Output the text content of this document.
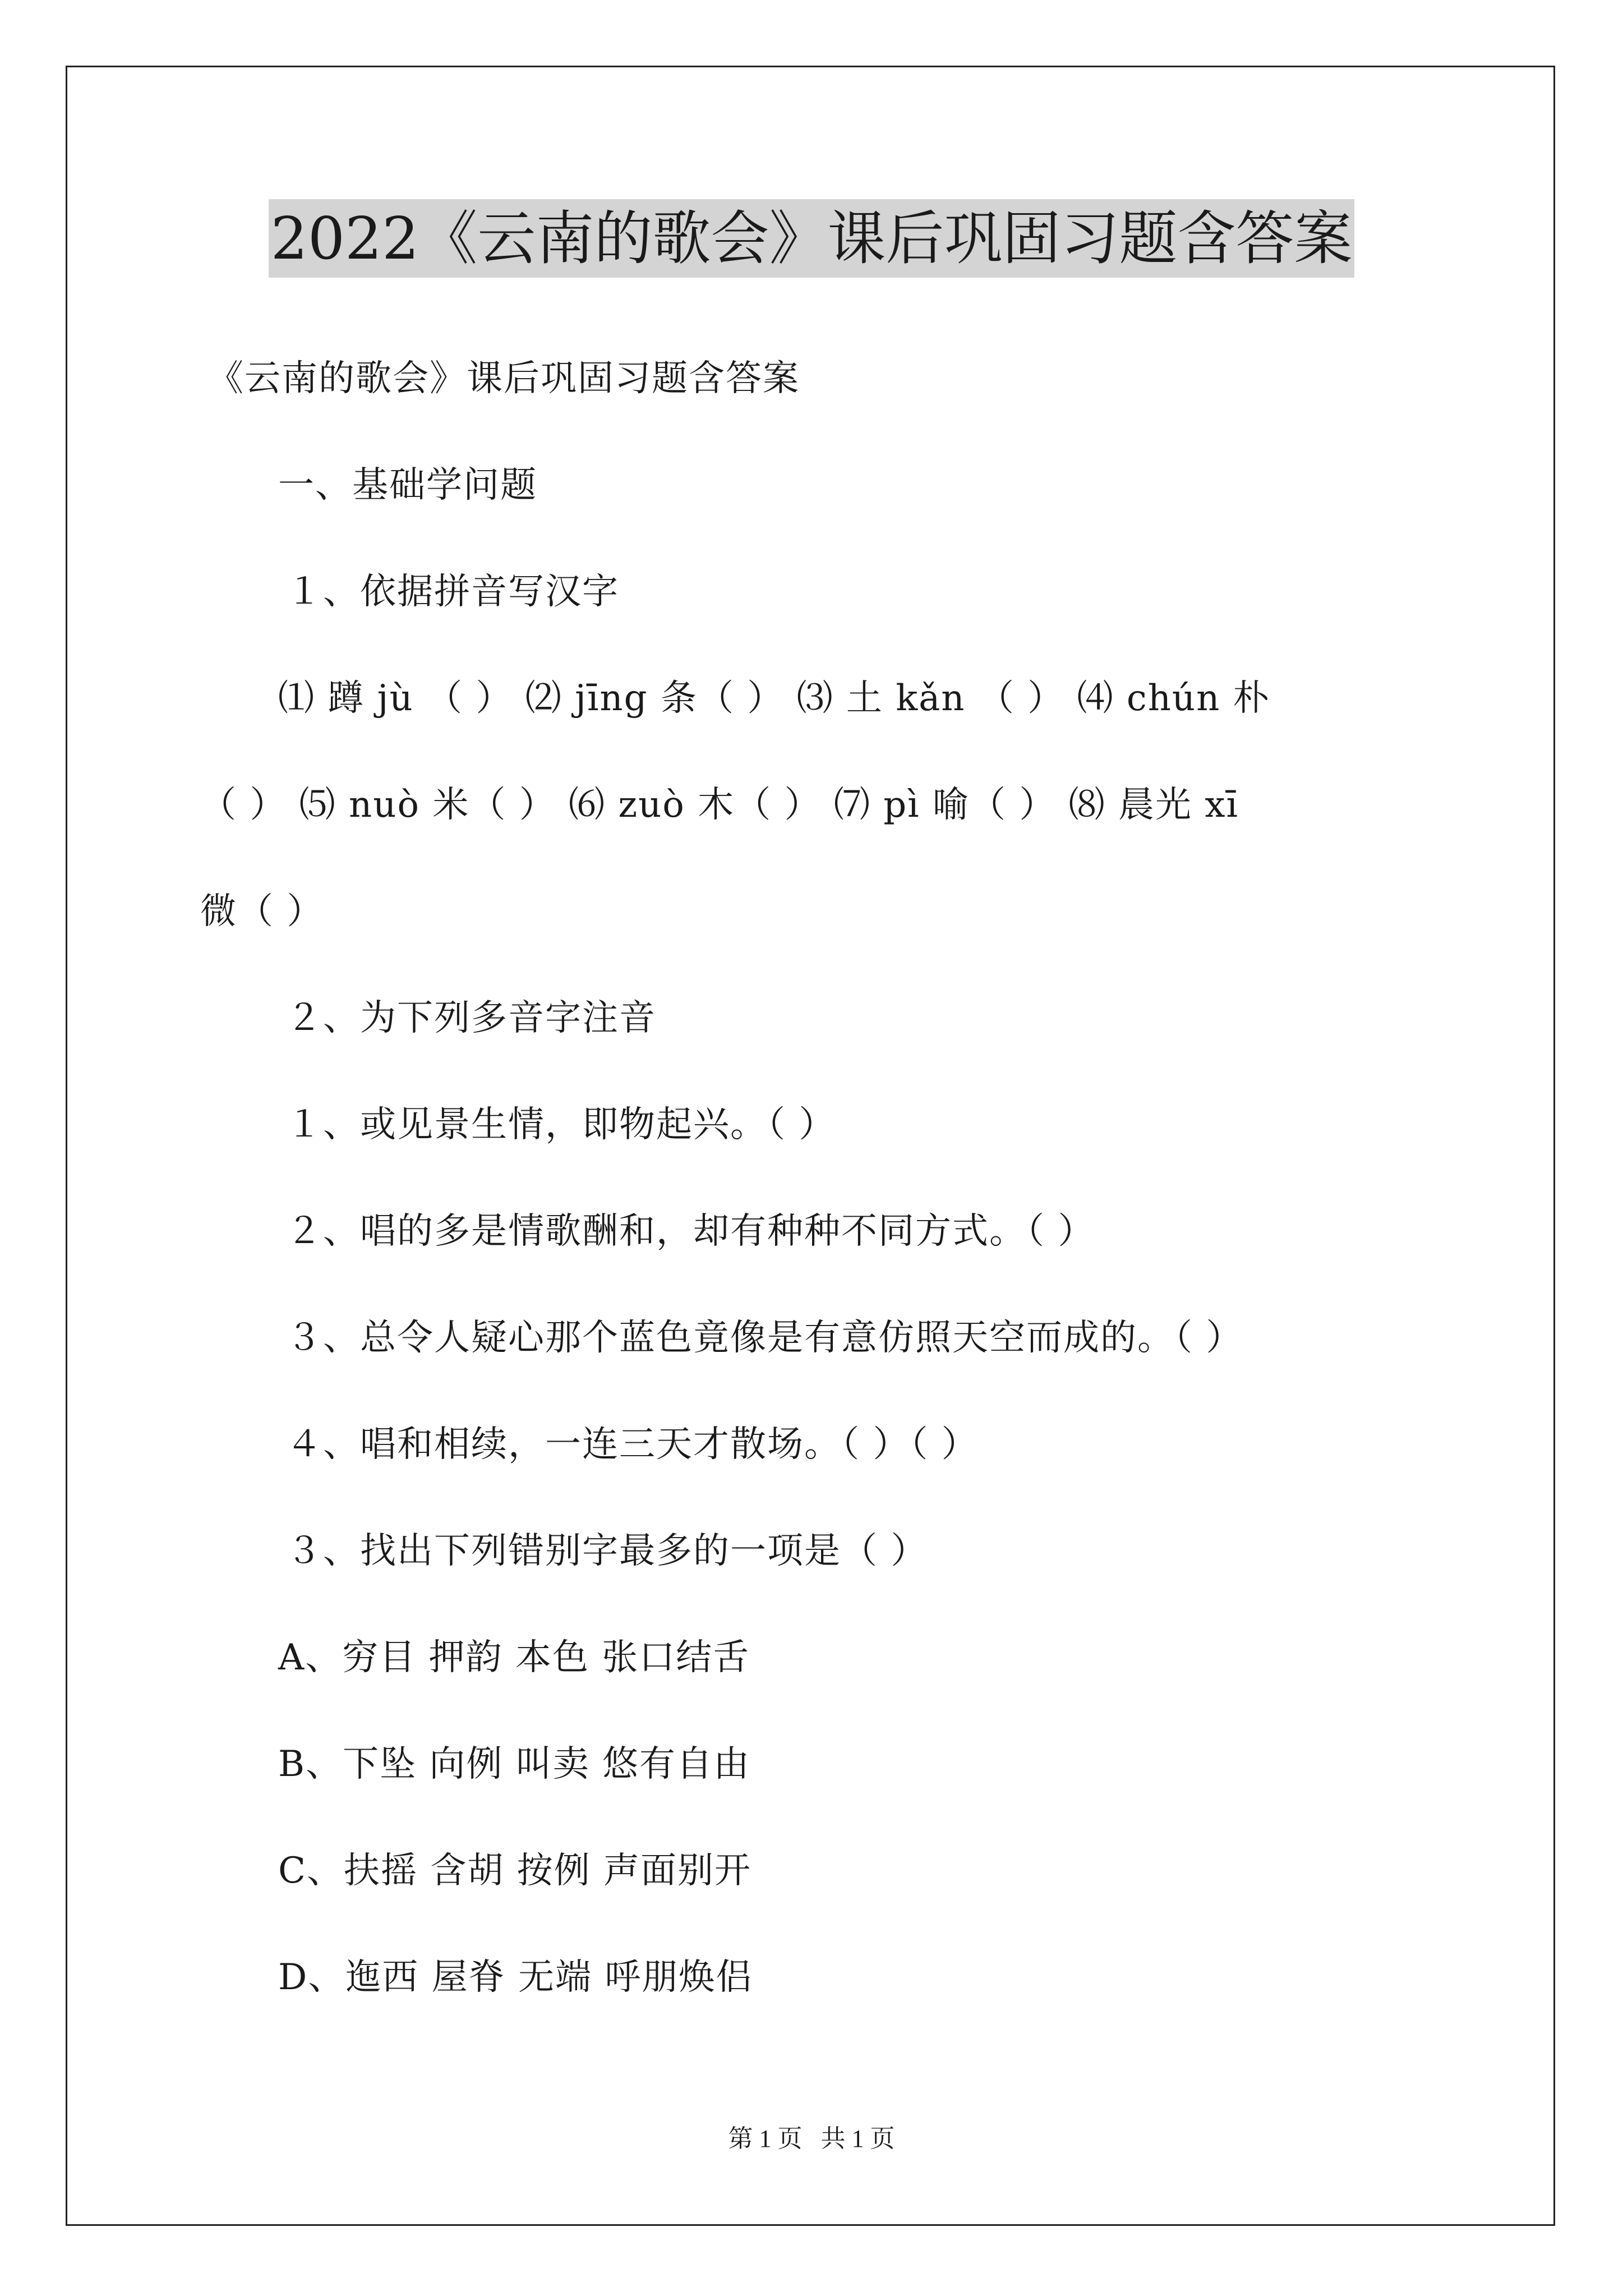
2022《云南的歌会》课后巩固习题含答案
《云南的歌会》课后巩固习题含答案
一、基础学问题
１、依据拼音写汉字
⑴ 蹲 jù （ ） ⑵ jīng 条（ ） ⑶ 土 kǎn （ ） ⑷ chún 朴
（ ） ⑸ nuò 米（ ） ⑹ zuò 木（ ） ⑺ pì 喻（ ） ⑻ 晨光 xī
微（ ）
２、为下列多音字注音
１、或见景生情，即物起兴。（ ）
２、唱的多是情歌酬和，却有种种不同方式。（ ）
３、总令人疑心那个蓝色竟像是有意仿照天空而成的。（ ）
４、唱和相续，一连三天才散场。（ ）（ ）
３、找出下列错别字最多的一项是（ ）
A、穷目 押韵 本色 张口结舌
B、下坠 向例 叫卖 悠有自由
C、扶摇 含胡 按例 声面别开
D、迤西 屋脊 无端 呼朋焕侣
第 1 页   共 1 页
